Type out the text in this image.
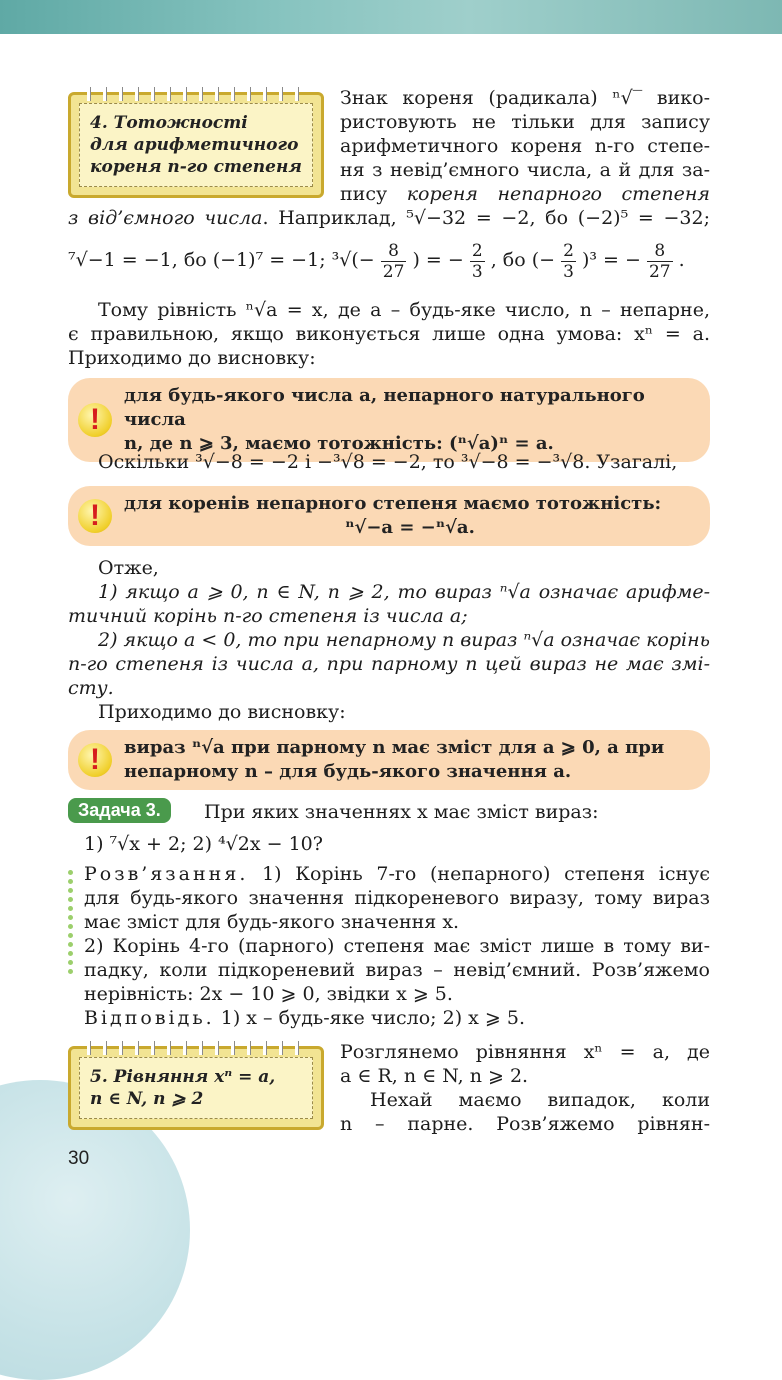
4. Тотожності
для арифметичного
кореня n-го степеня
Знак кореня (радикала) ⁿ√‾ вико-
ристовують не тільки для запису
арифметичного кореня n-го степе-
ня з невід’ємного числа, а й для за-
пису кореня непарного степеня
з від’ємного числа. Наприклад, ⁵√−32 = −2, бо (−2)⁵ = −32;
⁷√−1 = −1, бо (−1)⁷ = −1; $^3√(- \frac{8}{27}$ ) = − $\frac{2}{3}$ , бо (− $\frac{2}{3} )^3$ = − $\frac{8}{27}$ .
Тому рівність ⁿ√a = x, де a – будь-яке число, n – непарне,
є правильною, якщо виконується лише одна умова: xⁿ = a.
Приходимо до висновку:
!
для будь-якого числа a, непарного натурального числа
n, де n ⩾ 3, маємо тотожність: (ⁿ√a)ⁿ = a.
Оскільки ³√−8 = −2 і −³√8 = −2, то ³√−8 = −³√8. Узагалі,
!	для коренів непарного степеня маємо тотожність:
ⁿ√−a = −ⁿ√a.
Отже,
1) якщо a ⩾ 0, n ∈ N, n ⩾ 2, то вираз ⁿ√a означає арифме-
тичний корінь n-го степеня із числа a;
2) якщо a < 0, то при непарному n вираз ⁿ√a означає корінь
n-го степеня із числа a, при парному n цей вираз не має змі-
сту.
Приходимо до висновку:
!	вираз ⁿ√a при парному n має зміст для a ⩾ 0, а при
непарному n – для будь-якого значення a.
Задача 3.	При яких значеннях x має зміст вираз:
1) ⁷√x + 2; 2) ⁴√2x − 10?
Розв’язання. 1) Корінь 7-го (непарного) степеня існує
для будь-якого значення підкореневого виразу, тому вираз
має зміст для будь-якого значення x.
2) Корінь 4-го (парного) степеня має зміст лише в тому ви-
падку, коли підкореневий вираз – невід’ємний. Розв’яжемо
нерівність: 2x − 10 ⩾ 0, звідки x ⩾ 5.
Відповідь. 1) x – будь-яке число; 2) x ⩾ 5.
5. Рівняння xⁿ = a,
n ∈ N, n ⩾ 2
Розглянемо рівняння xⁿ = a, де
a ∈ R, n ∈ N, n ⩾ 2.
Нехай маємо випадок, коли
n – парне. Розв’яжемо рівнян-
30
